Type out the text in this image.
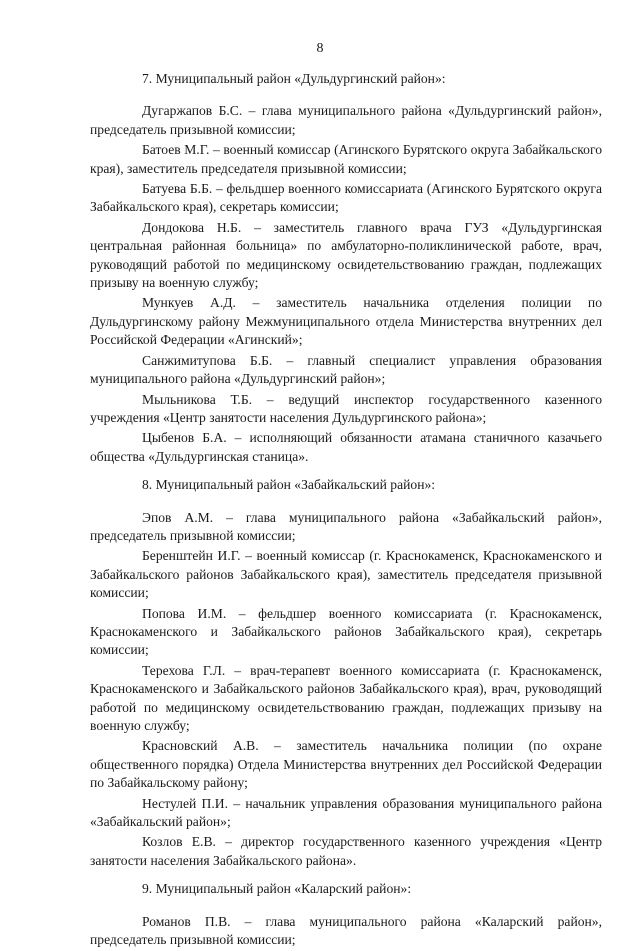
8
7. Муниципальный район «Дульдургинский район»:
Дугаржапов Б.С. – глава муниципального района «Дульдургинский район», председатель призывной комиссии;
Батоев М.Г. – военный комиссар (Агинского Бурятского округа Забайкальского края), заместитель председателя призывной комиссии;
Батуева Б.Б. – фельдшер военного комиссариата (Агинского Бурятского округа Забайкальского края), секретарь комиссии;
Дондокова Н.Б. – заместитель главного врача ГУЗ «Дульдургинская центральная районная больница» по амбулаторно-поликлинической работе, врач, руководящий работой по медицинскому освидетельствованию граждан, подлежащих призыву на военную службу;
Мункуев А.Д. – заместитель начальника отделения полиции по Дульдургинскому району Межмуниципального отдела Министерства внутренних дел Российской Федерации «Агинский»;
Санжимитупова Б.Б. – главный специалист управления образования муниципального района «Дульдургинский район»;
Мыльникова Т.Б. – ведущий инспектор государственного казенного учреждения «Центр занятости населения Дульдургинского района»;
Цыбенов Б.А. – исполняющий обязанности атамана станичного казачьего общества «Дульдургинская станица».
8. Муниципальный район «Забайкальский район»:
Эпов А.М. – глава муниципального района «Забайкальский район», председатель призывной комиссии;
Беренштейн И.Г. – военный комиссар (г. Краснокаменск, Краснокаменского и Забайкальского районов Забайкальского края), заместитель председателя призывной комиссии;
Попова И.М. – фельдшер военного комиссариата (г. Краснокаменск, Краснокаменского и Забайкальского районов Забайкальского края), секретарь комиссии;
Терехова Г.Л. – врач-терапевт военного комиссариата (г. Краснокаменск, Краснокаменского и Забайкальского районов Забайкальского края), врач, руководящий работой по медицинскому освидетельствованию граждан, подлежащих призыву на военную службу;
Красновский А.В. – заместитель начальника полиции (по охране общественного порядка) Отдела Министерства внутренних дел Российской Федерации по Забайкальскому району;
Нестулей П.И. – начальник управления образования муниципального района «Забайкальский район»;
Козлов Е.В. – директор государственного казенного учреждения «Центр занятости населения Забайкальского района».
9. Муниципальный район «Каларский район»:
Романов П.В. – глава муниципального района «Каларский район», председатель призывной комиссии;
